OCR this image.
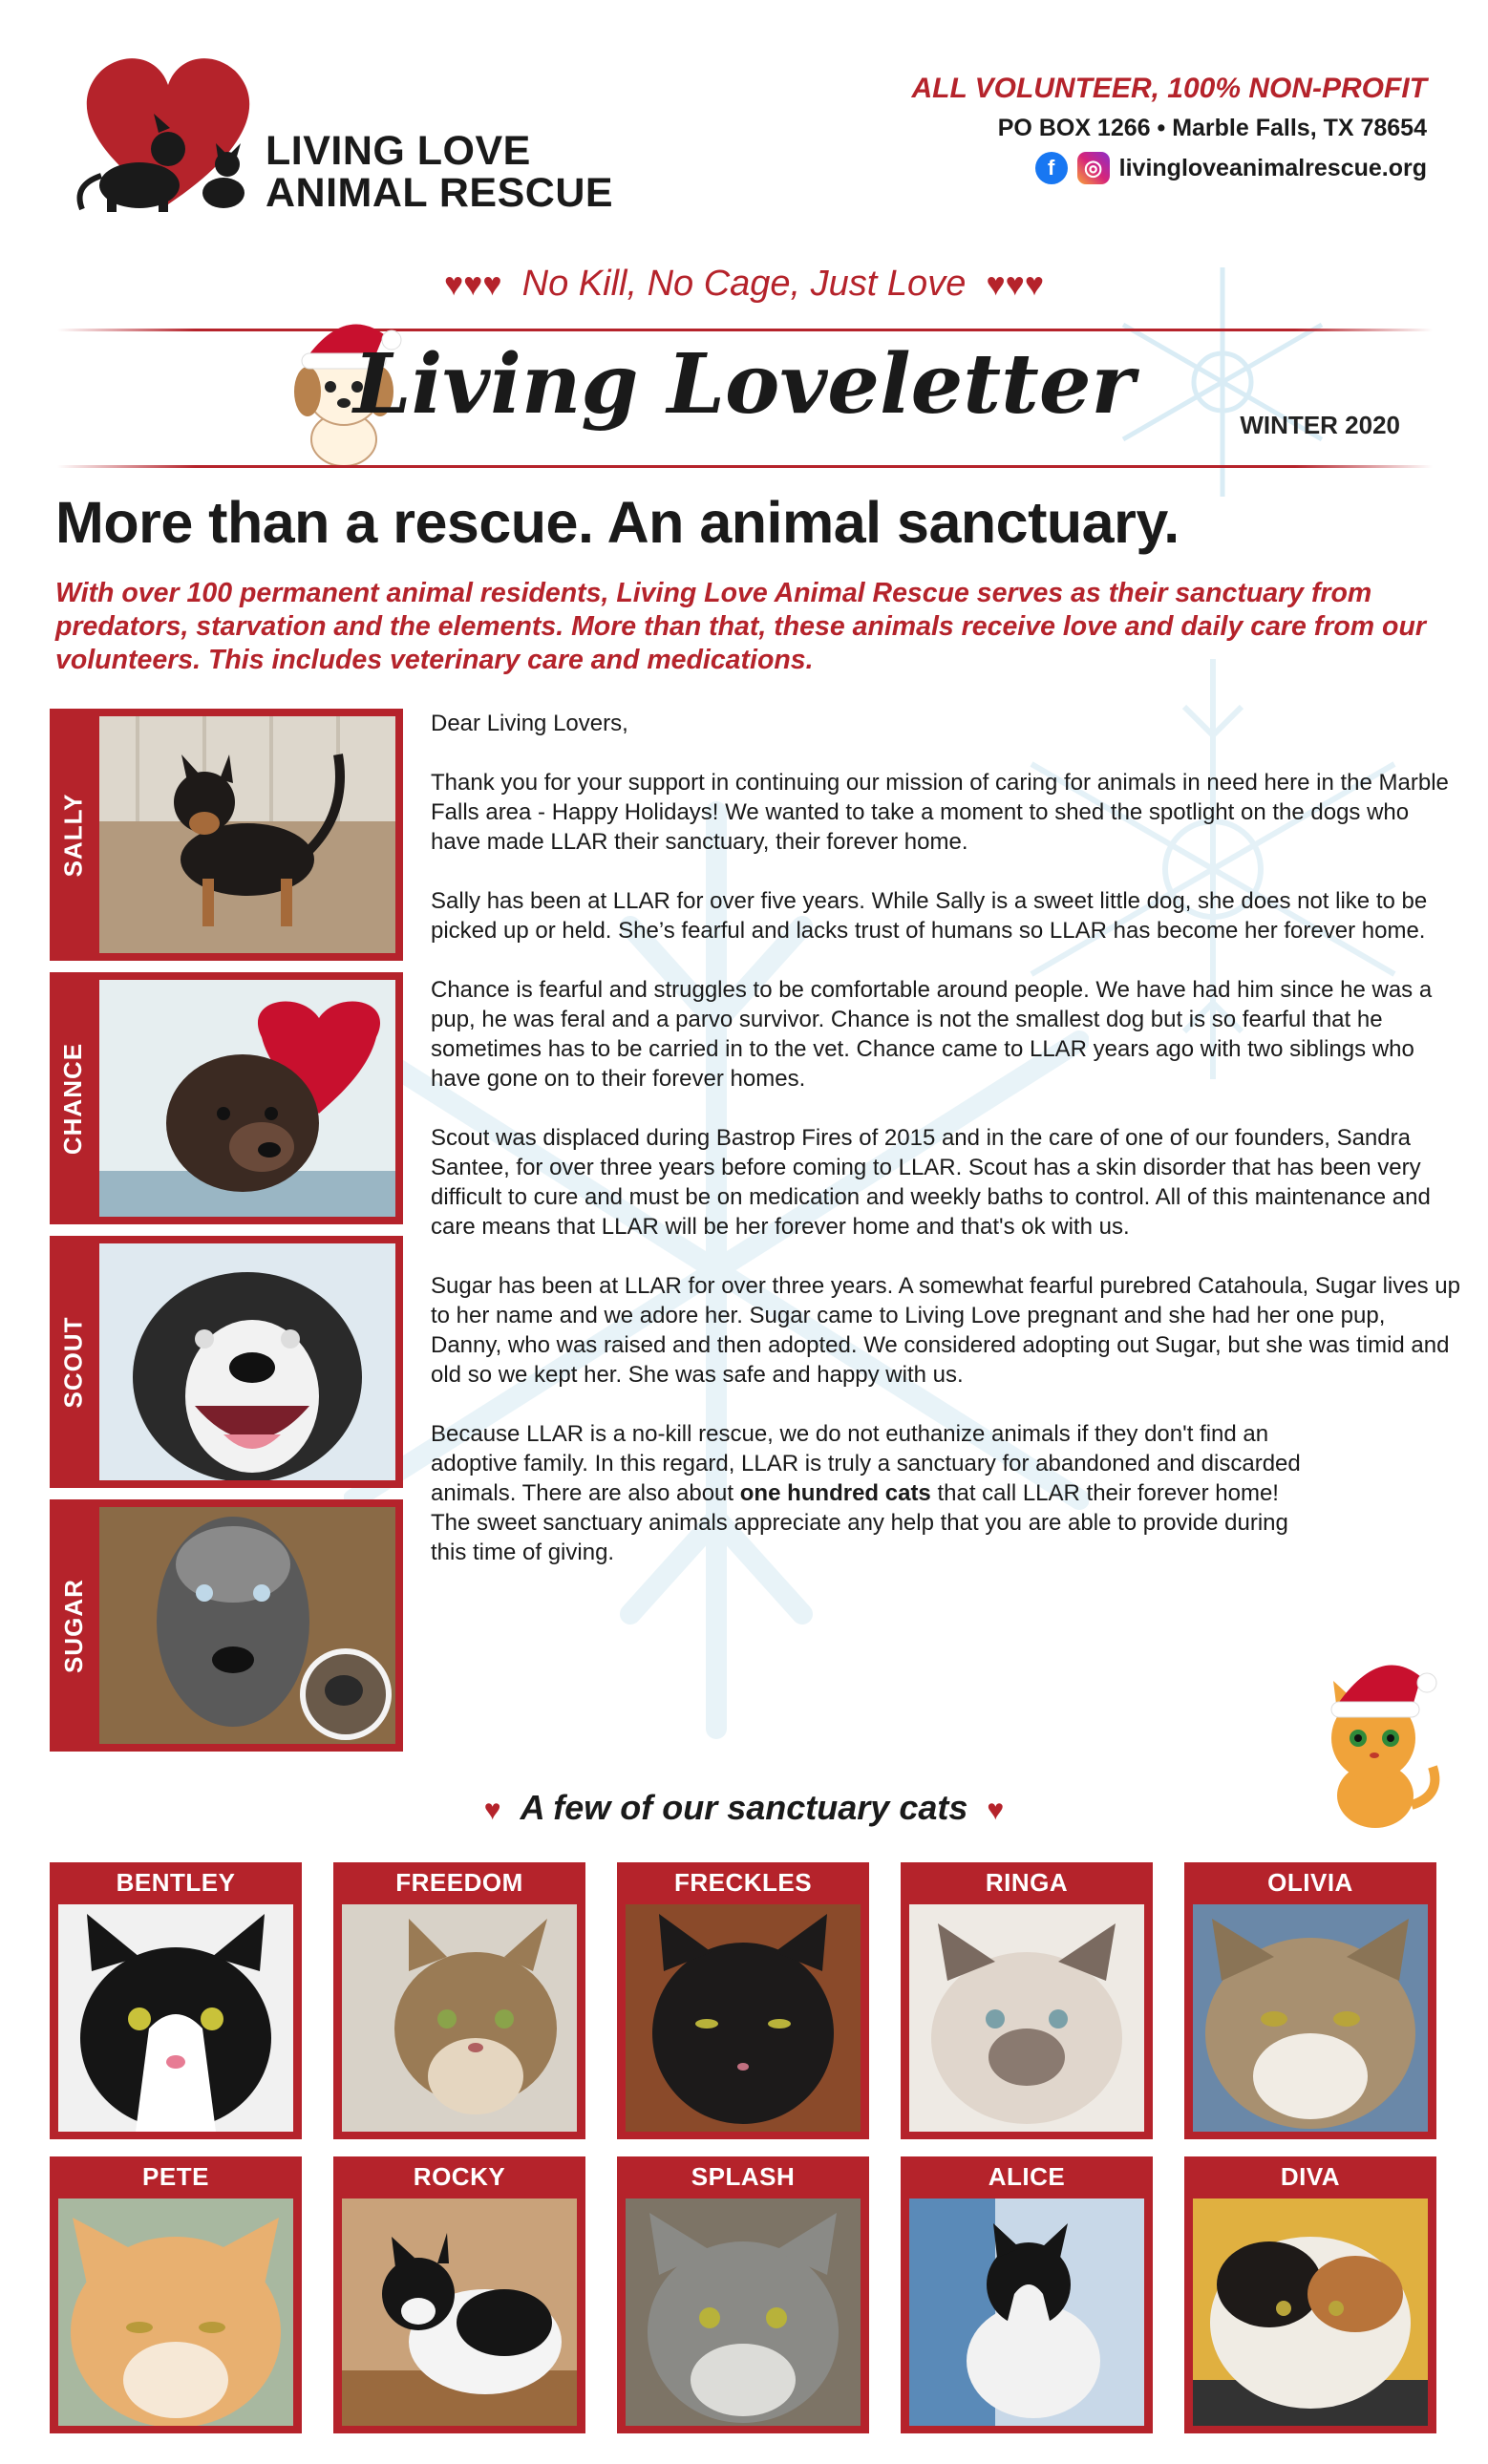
LIVING LOVE
ANIMAL RESCUE
ALL VOLUNTEER, 100% NON-PROFIT
PO BOX 1266 • Marble Falls, TX 78654
f	◎ livingloveanimalrescue.org
♥♥♥ No Kill, No Cage, Just Love ♥♥♥
Living Loveletter	WINTER 2020
More than a rescue. An animal sanctuary.
With over 100 permanent animal residents, Living Love Animal Rescue serves as their sanctuary from predators, starvation and the elements. More than that, these animals receive love and daily care from our volunteers. This includes veterinary care and medications.
SALLY
CHANCE
SCOUT
SUGAR

Dear Living Lovers,

Thank you for your support in continuing our mission of caring for animals in need here in the Marble Falls area - Happy Holidays! We wanted to take a moment to shed the spotlight on the dogs who have made LLAR their sanctuary, their forever home.

Sally has been at LLAR for over five years. While Sally is a sweet little dog, she does not like to be picked up or held. She’s fearful and lacks trust of humans so LLAR has become her forever home.

Chance is fearful and struggles to be comfortable around people. We have had him since he was a pup, he was feral and a parvo survivor. Chance is not the smallest dog but is so fearful that he sometimes has to be carried in to the vet. Chance came to LLAR years ago with two siblings who have gone on to their forever homes.

Scout was displaced during Bastrop Fires of 2015 and in the care of one of our founders, Sandra Santee, for over three years before coming to LLAR. Scout has a skin disorder that has been very difficult to cure and must be on medication and weekly baths to control. All of this maintenance and care means that LLAR will be her forever home and that's ok with us.

Sugar has been at LLAR for over three years. A somewhat fearful purebred Catahoula, Sugar lives up to her name and we adore her. Sugar came to Living Love pregnant and she had her one pup, Danny, who was raised and then adopted. We considered adopting out Sugar, but she was timid and old so we kept her. She was safe and happy with us.

Because LLAR is a no-kill rescue, we do not euthanize animals if they don't find an adoptive family. In this regard, LLAR is truly a sanctuary for abandoned and discarded animals. There are also about one hundred cats that call LLAR their forever home! The sweet sanctuary animals appreciate any help that you are able to provide during this time of giving.

♥ A few of our sanctuary cats ♥
BENTLEY	FREEDOM	FRECKLES	RINGA	OLIVIA
PETE	ROCKY	SPLASH	ALICE	DIVA
